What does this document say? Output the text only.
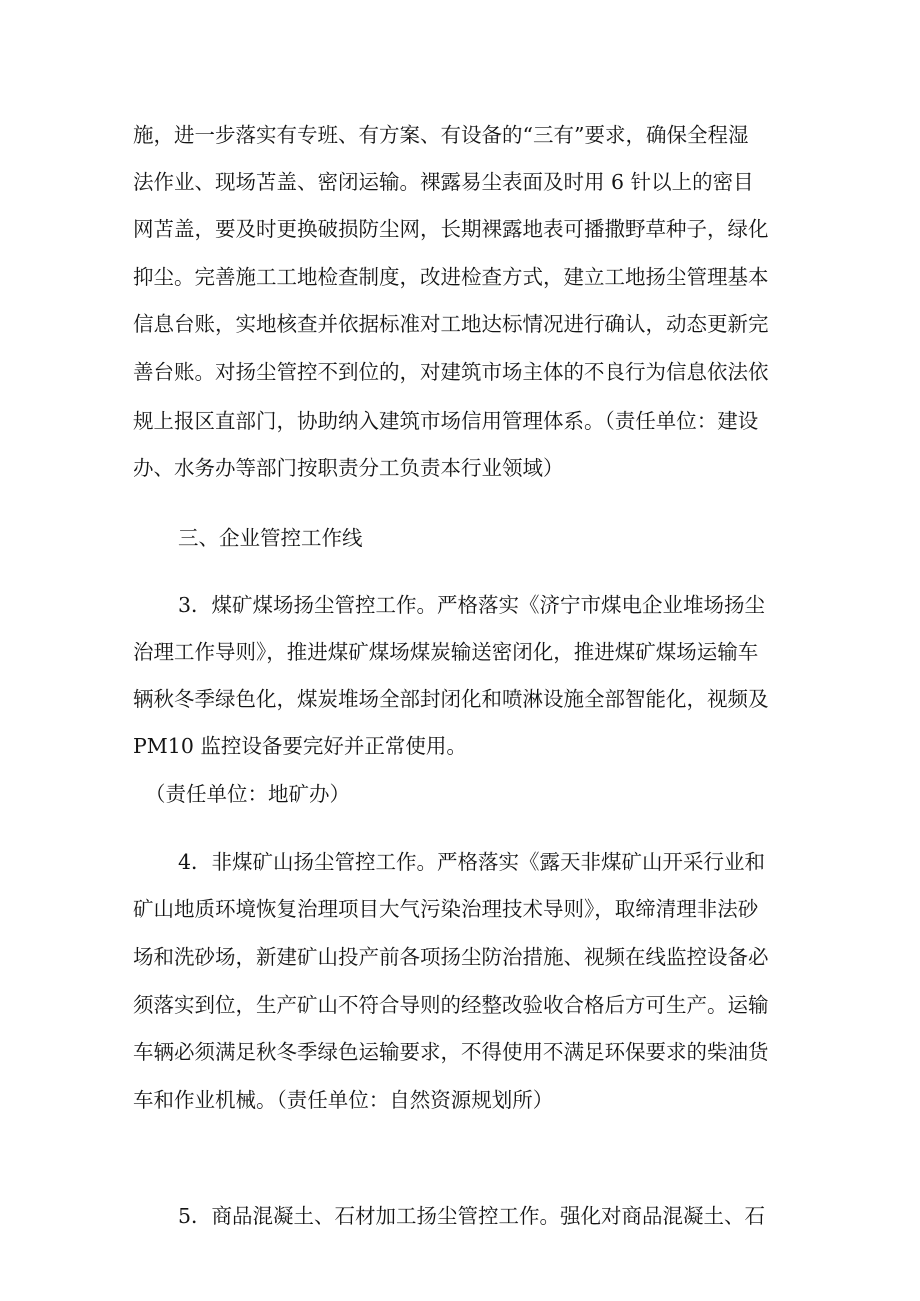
施，进一步落实有专班、有方案、有设备的“三有”要求，确保全程湿
法作业、现场苫盖、密闭运输。裸露易尘表面及时用 6 针以上的密目
网苫盖，要及时更换破损防尘网，长期裸露地表可播撒野草种子，绿化
抑尘。完善施工工地检查制度，改进检查方式，建立工地扬尘管理基本
信息台账，实地核查并依据标准对工地达标情况进行确认，动态更新完
善台账。对扬尘管控不到位的，对建筑市场主体的不良行为信息依法依
规上报区直部门，协助纳入建筑市场信用管理体系。（责任单位：建设
办、水务办等部门按职责分工负责本行业领域）
三、企业管控工作线
3．煤矿煤场扬尘管控工作。严格落实《济宁市煤电企业堆场扬尘
治理工作导则》，推进煤矿煤场煤炭输送密闭化，推进煤矿煤场运输车
辆秋冬季绿色化，煤炭堆场全部封闭化和喷淋设施全部智能化，视频及
PM10 监控设备要完好并正常使用。
（责任单位：地矿办）
4．非煤矿山扬尘管控工作。严格落实《露天非煤矿山开采行业和
矿山地质环境恢复治理项目大气污染治理技术导则》，取缔清理非法砂
场和洗砂场，新建矿山投产前各项扬尘防治措施、视频在线监控设备必
须落实到位，生产矿山不符合导则的经整改验收合格后方可生产。运输
车辆必须满足秋冬季绿色运输要求，不得使用不满足环保要求的柴油货
车和作业机械。（责任单位：自然资源规划所）
5．商品混凝土、石材加工扬尘管控工作。强化对商品混凝土、石
